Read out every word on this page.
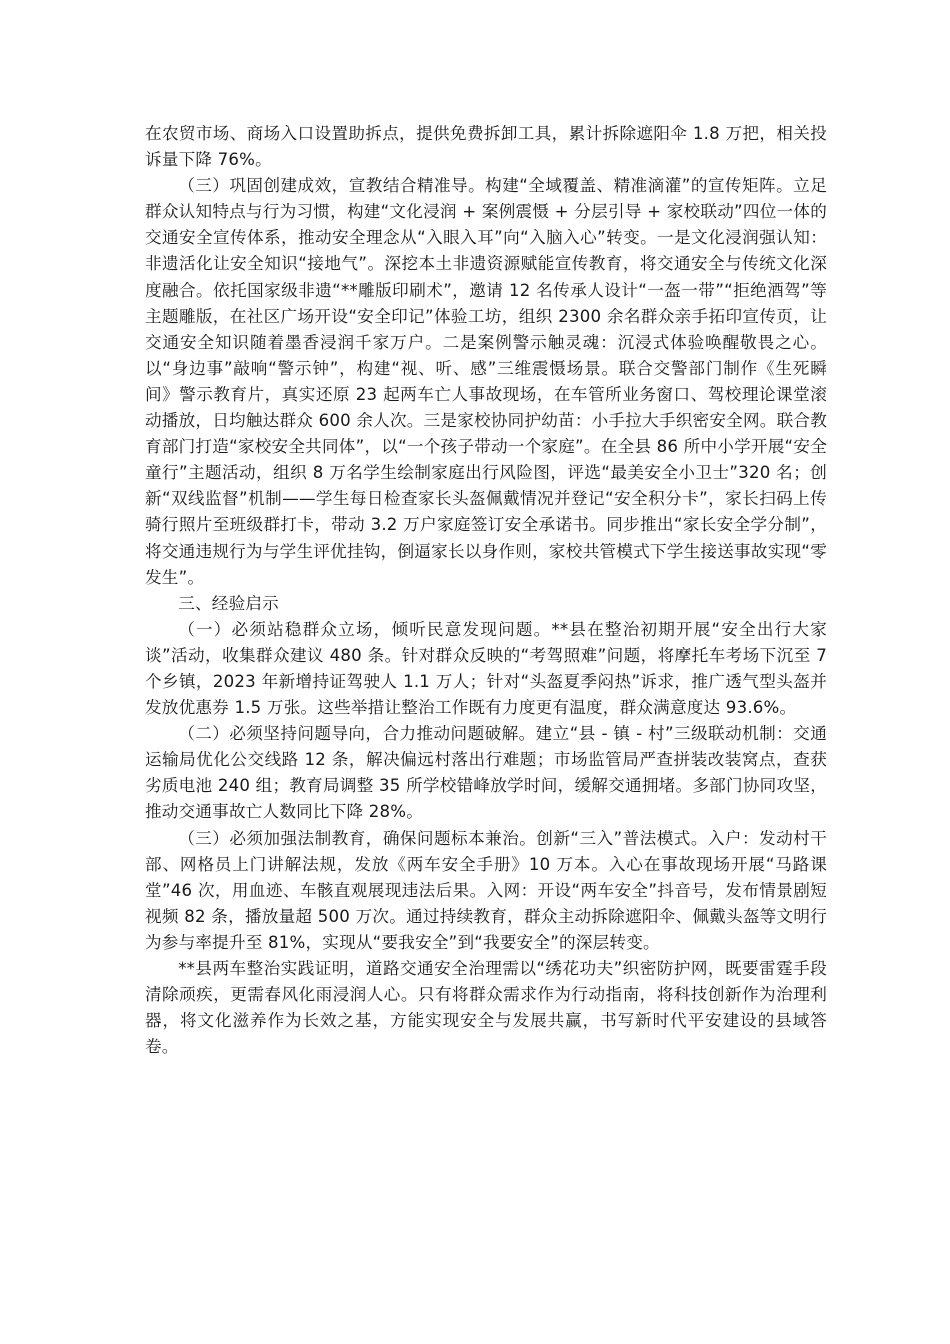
在农贸市场、商场入口设置助拆点，提供免费拆卸工具，累计拆除遮阳伞 1.8 万把，相关投诉量下降 76%。

（三）巩固创建成效，宣教结合精准导。构建“全域覆盖、精准滴灌”的宣传矩阵。立足群众认知特点与行为习惯，构建“文化浸润 + 案例震慑 + 分层引导 + 家校联动”四位一体的交通安全宣传体系，推动安全理念从“入眼入耳”向“入脑入心”转变。一是文化浸润强认知：非遗活化让安全知识“接地气”。深挖本土非遗资源赋能宣传教育，将交通安全与传统文化深度融合。依托国家级非遗“**雕版印刷术”，邀请 12 名传承人设计“一盔一带”“拒绝酒驾”等主题雕版，在社区广场开设“安全印记”体验工坊，组织 2300 余名群众亲手拓印宣传页，让交通安全知识随着墨香浸润千家万户。二是案例警示触灵魂：沉浸式体验唤醒敬畏之心。以“身边事”敲响“警示钟”，构建“视、听、感”三维震慑场景。联合交警部门制作《生死瞬间》警示教育片，真实还原 23 起两车亡人事故现场，在车管所业务窗口、驾校理论课堂滚动播放，日均触达群众 600 余人次。三是家校协同护幼苗：小手拉大手织密安全网。联合教育部门打造“家校安全共同体”，以“一个孩子带动一个家庭”。在全县 86 所中小学开展“安全童行”主题活动，组织 8 万名学生绘制家庭出行风险图，评选“最美安全小卫士”320 名；创新“双线监督”机制——学生每日检查家长头盔佩戴情况并登记“安全积分卡”，家长扫码上传骑行照片至班级群打卡，带动 3.2 万户家庭签订安全承诺书。同步推出“家长安全学分制”，将交通违规行为与学生评优挂钩，倒逼家长以身作则，家校共管模式下学生接送事故实现“零发生”。

三、经验启示

（一）必须站稳群众立场，倾听民意发现问题。**县在整治初期开展“安全出行大家谈”活动，收集群众建议 480 条。针对群众反映的“考驾照难”问题，将摩托车考场下沉至 7 个乡镇，2023 年新增持证驾驶人 1.1 万人；针对“头盔夏季闷热”诉求，推广透气型头盔并发放优惠券 1.5 万张。这些举措让整治工作既有力度更有温度，群众满意度达 93.6%。

（二）必须坚持问题导向，合力推动问题破解。建立“县 - 镇 - 村”三级联动机制：交通运输局优化公交线路 12 条，解决偏远村落出行难题；市场监管局严查拼装改装窝点，查获劣质电池 240 组；教育局调整 35 所学校错峰放学时间，缓解交通拥堵。多部门协同攻坚，推动交通事故亡人数同比下降 28%。

（三）必须加强法制教育，确保问题标本兼治。创新“三入”普法模式。入户：发动村干部、网格员上门讲解法规，发放《两车安全手册》10 万本。入心在事故现场开展“马路课堂”46 次，用血迹、车骸直观展现违法后果。入网：开设“两车安全”抖音号，发布情景剧短视频 82 条，播放量超 500 万次。通过持续教育，群众主动拆除遮阳伞、佩戴头盔等文明行为参与率提升至 81%，实现从“要我安全”到“我要安全”的深层转变。

**县两车整治实践证明，道路交通安全治理需以“绣花功夫”织密防护网，既要雷霆手段清除顽疾，更需春风化雨浸润人心。只有将群众需求作为行动指南，将科技创新作为治理利器，将文化滋养作为长效之基，方能实现安全与发展共赢，书写新时代平安建设的县域答卷。
